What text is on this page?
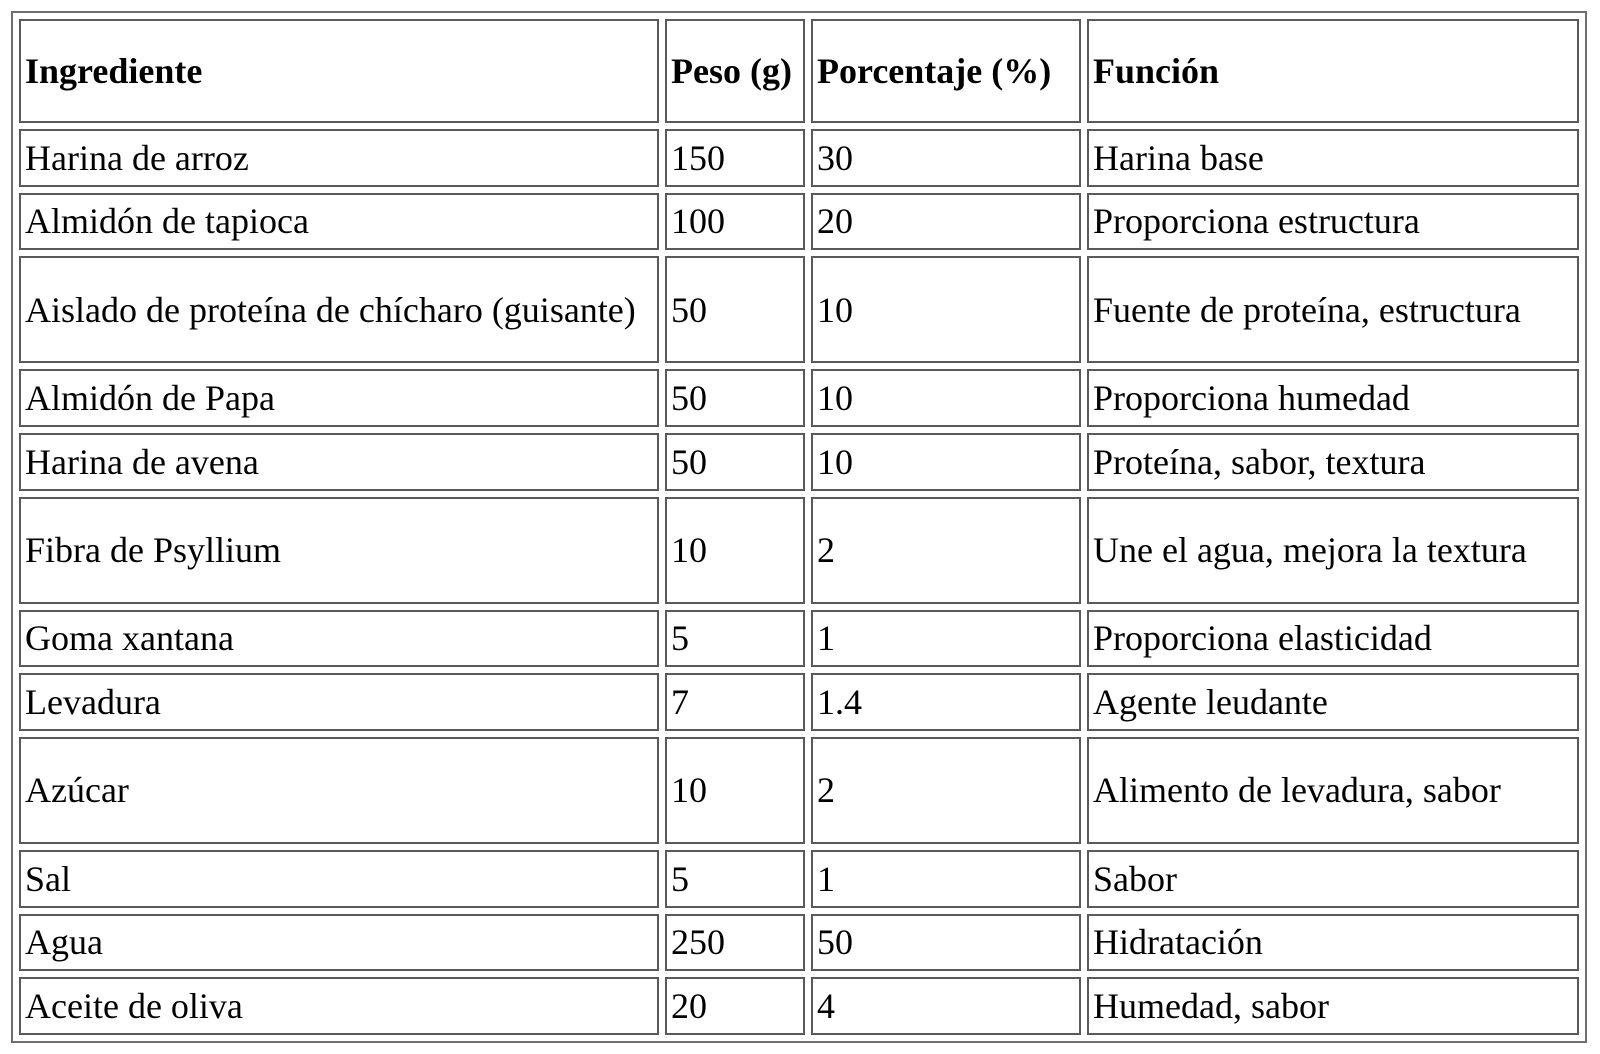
Ingrediente	Peso (g)	Porcentaje (%)	Función
Harina de arroz	150	30	Harina base
Almidón de tapioca	100	20	Proporciona estructura
Aislado de proteína de chícharo (guisante)	50	10	Fuente de proteína, estructura
Almidón de Papa	50	10	Proporciona humedad
Harina de avena	50	10	Proteína, sabor, textura
Fibra de Psyllium	10	2	Une el agua, mejora la textura
Goma xantana	5	1	Proporciona elasticidad
Levadura	7	1.4	Agente leudante
Azúcar	10	2	Alimento de levadura, sabor
Sal	5	1	Sabor
Agua	250	50	Hidratación
Aceite de oliva	20	4	Humedad, sabor
